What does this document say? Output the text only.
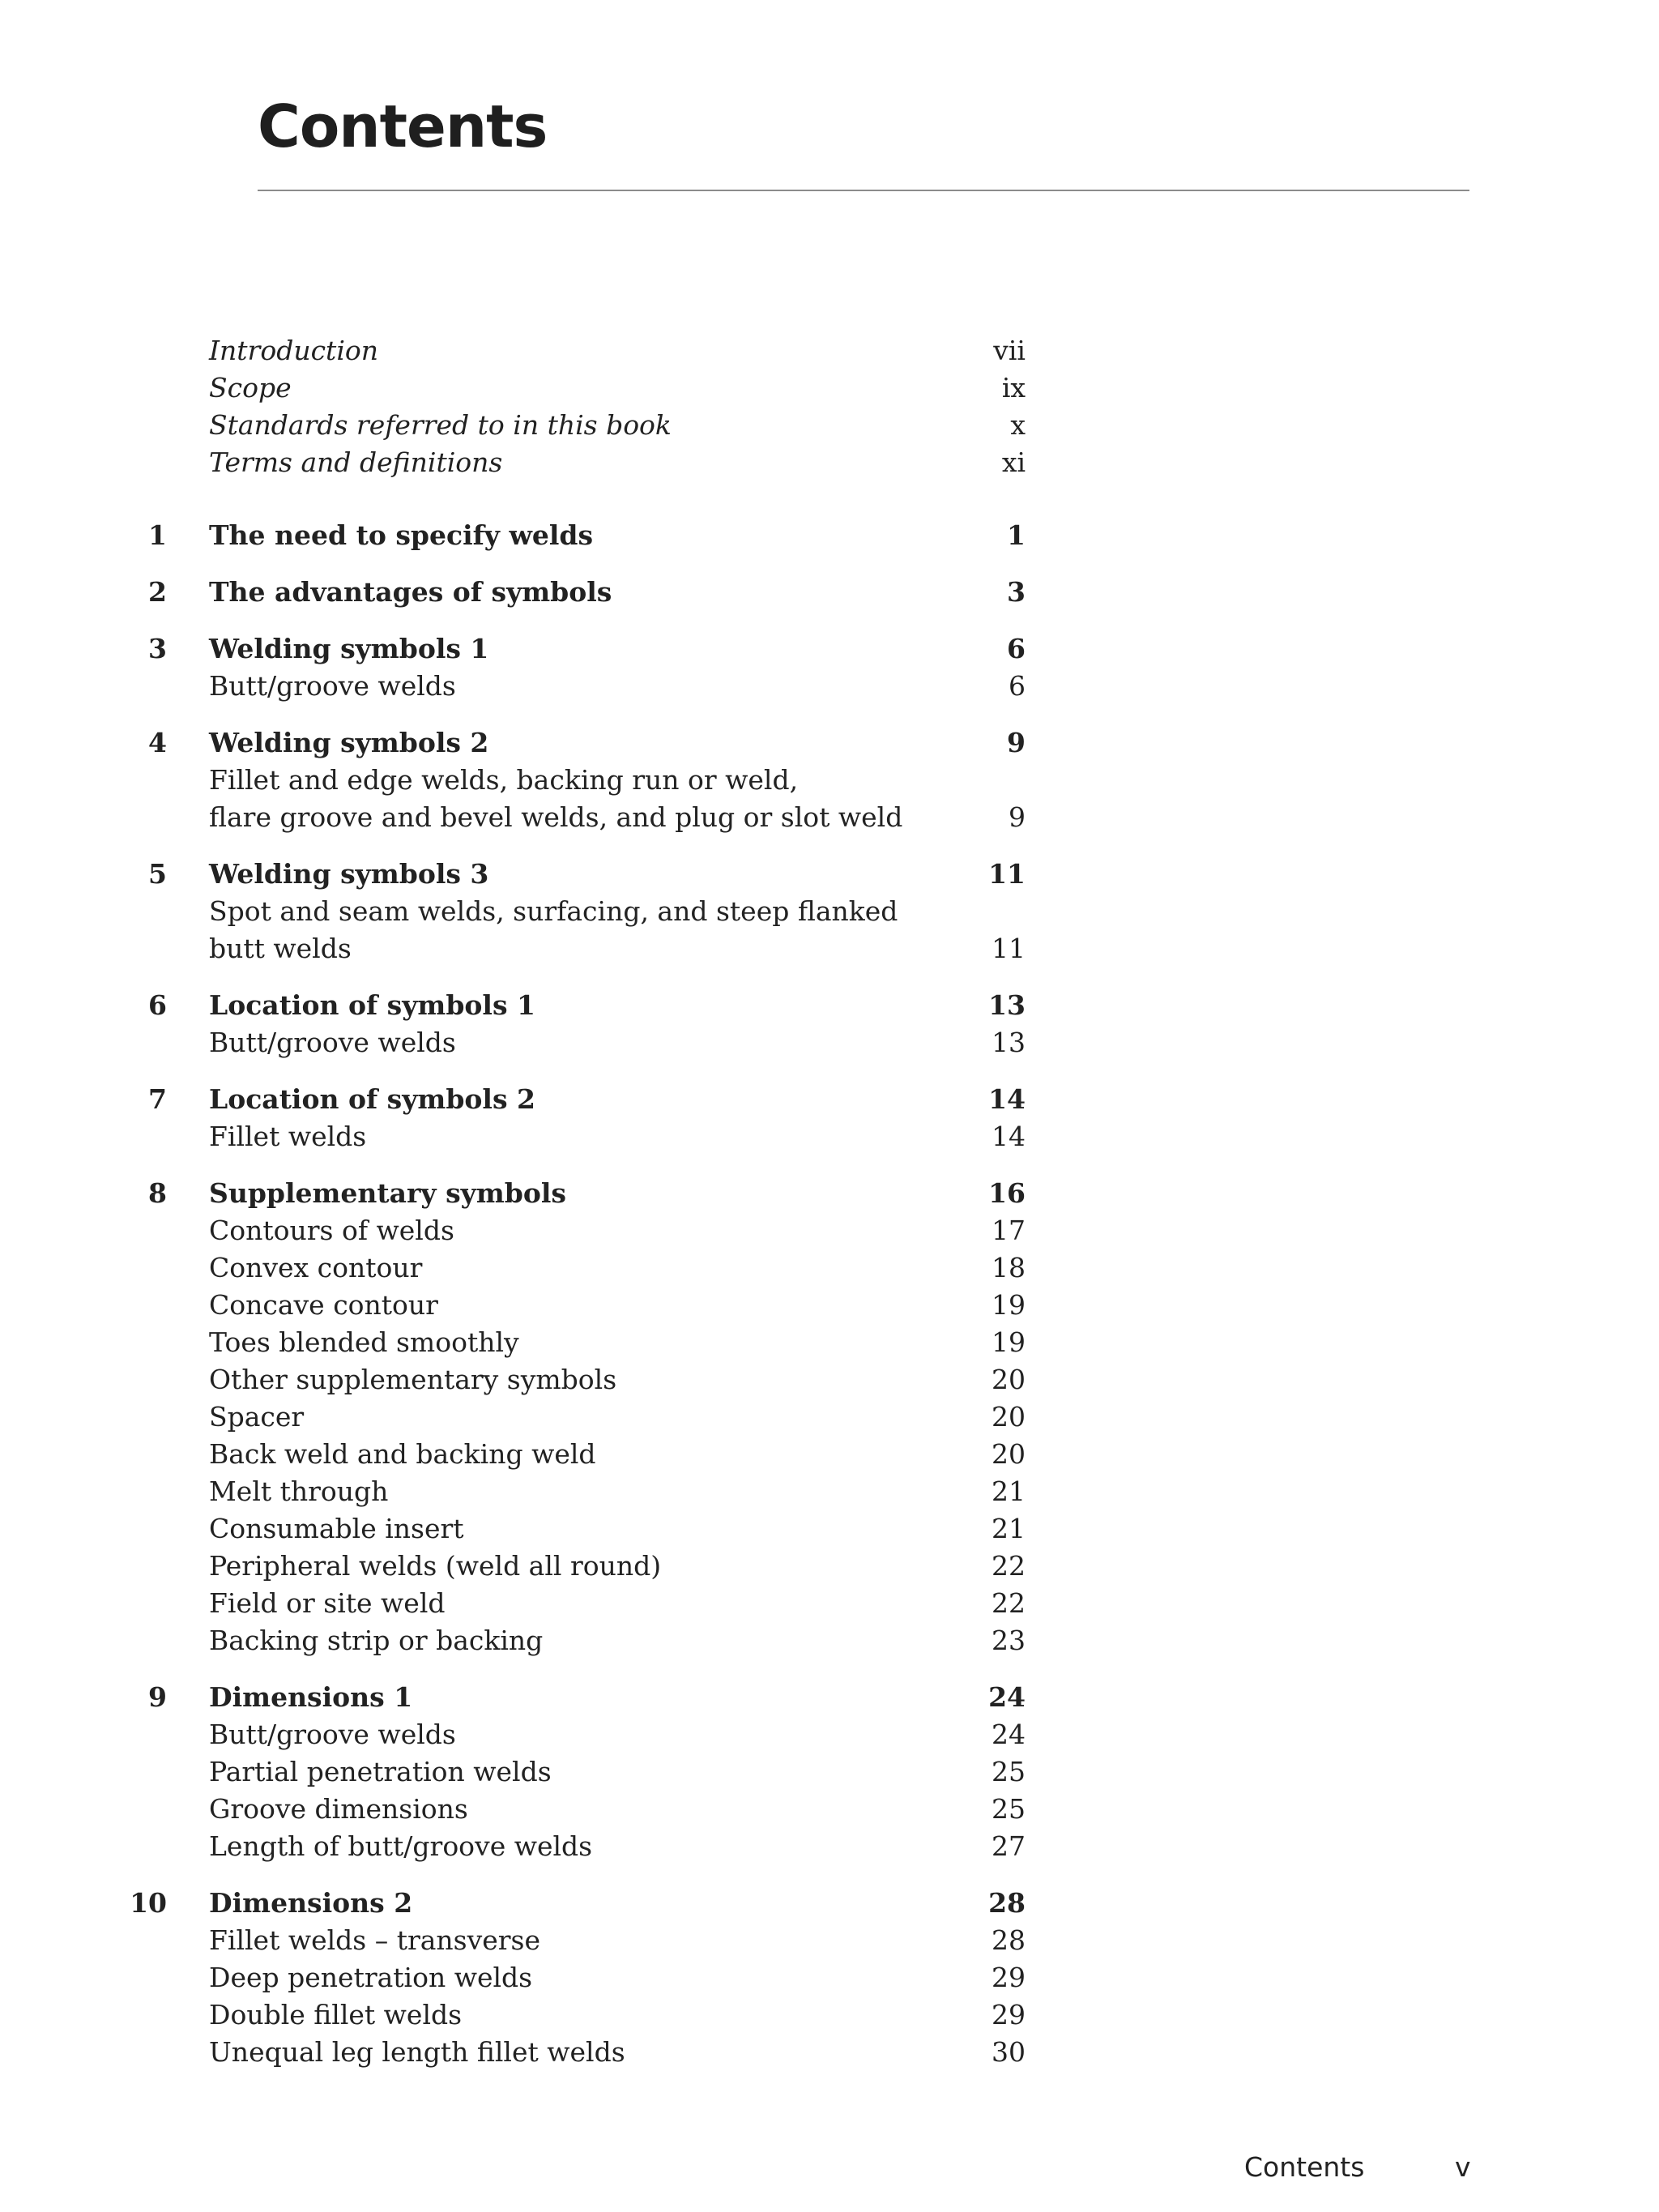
Contents
Introduction	vii
Scope	ix
Standards referred to in this book	x
Terms and definitions	xi
1 The need to specify welds	1
2 The advantages of symbols	3
3 Welding symbols 1	6
Butt/groove welds	6
4 Welding symbols 2	9
Fillet and edge welds, backing run or weld,
flare groove and bevel welds, and plug or slot weld	9
5 Welding symbols 3	11
Spot and seam welds, surfacing, and steep flanked
butt welds	11
6 Location of symbols 1	13
Butt/groove welds	13
7 Location of symbols 2	14
Fillet welds	14
8 Supplementary symbols	16
Contours of welds	17
Convex contour	18
Concave contour	19
Toes blended smoothly	19
Other supplementary symbols	20
Spacer	20
Back weld and backing weld	20
Melt through	21
Consumable insert	21
Peripheral welds (weld all round)	22
Field or site weld	22
Backing strip or backing	23
9 Dimensions 1	24
Butt/groove welds	24
Partial penetration welds	25
Groove dimensions	25
Length of butt/groove welds	27
10 Dimensions 2	28
Fillet welds – transverse	28
Deep penetration welds	29
Double fillet welds	29
Unequal leg length fillet welds	30
Contents	v
